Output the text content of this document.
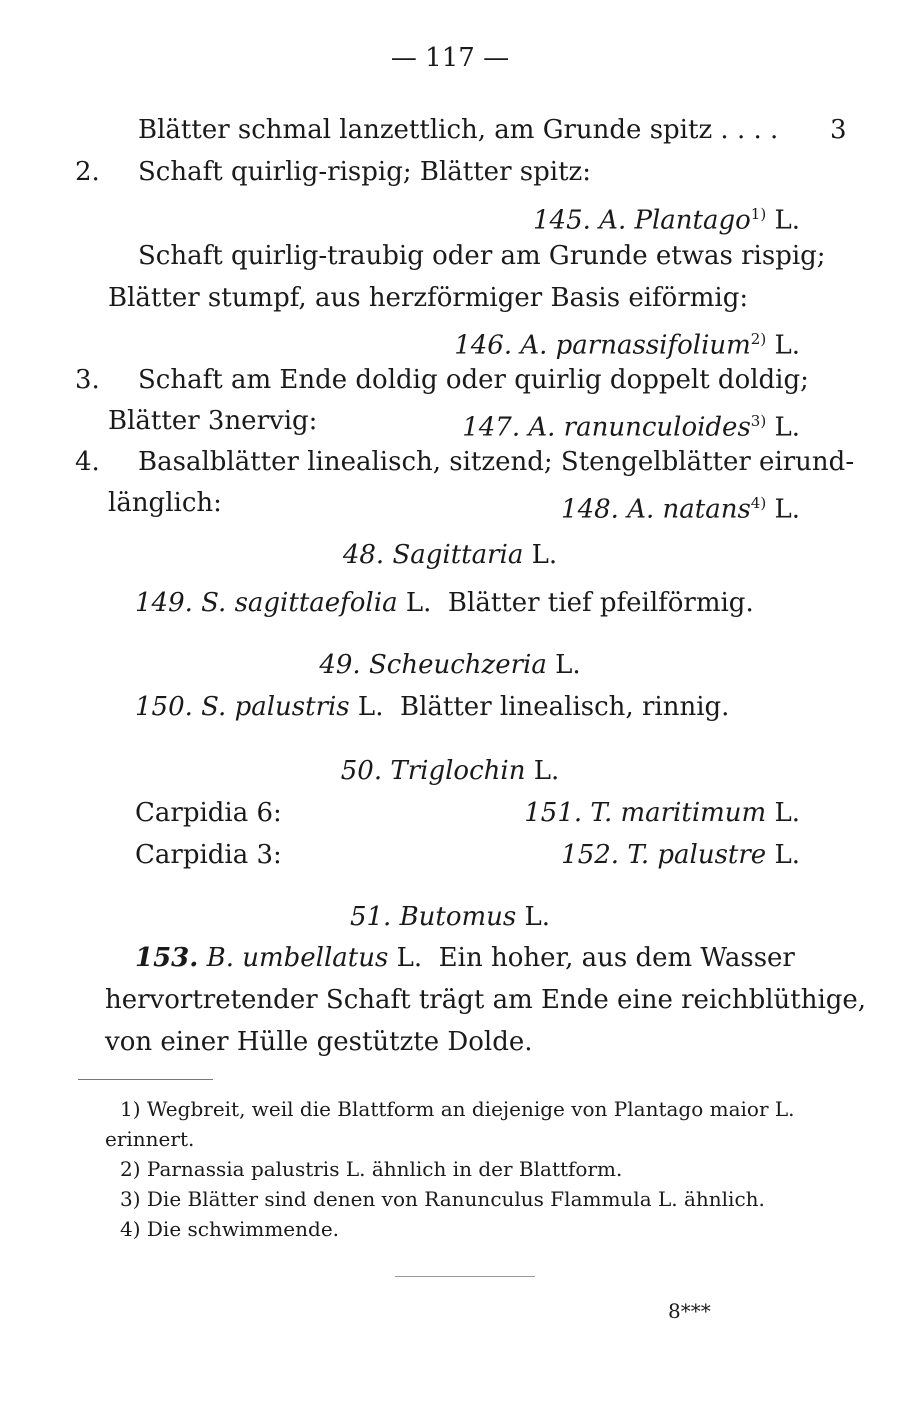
— 117 —
Blätter schmal lanzettlich, am Grunde spitz . . . . 3
2. Schaft quirlig-rispig; Blätter spitz:
145. A. Plantago$^{1)}$ L.
Schaft quirlig-traubig oder am Grunde etwas rispig;
Blätter stumpf, aus herzförmiger Basis eiförmig:
146. A. parnassifolium$^{2)}$ L.
3. Schaft am Ende doldig oder quirlig doppelt doldig;
Blätter 3nervig:	147. A. ranunculoides$^{3)}$ L.
4. Basalblätter linealisch, sitzend; Stengelblätter eirund-
länglich:	148. A. natans$^{4)}$ L.
48. Sagittaria L.
149. S. sagittaefolia L. Blätter tief pfeilförmig.
49. Scheuchzeria L.
150. S. palustris L. Blätter linealisch, rinnig.
50. Triglochin L.
Carpidia 6:	151. T. maritimum L.
Carpidia 3:	152. T. palustre L.
51. Butomus L.
153. B. umbellatus L. Ein hoher, aus dem Wasser
hervortretender Schaft trägt am Ende eine reichblüthige,
von einer Hülle gestützte Dolde.
1) Wegbreit, weil die Blattform an diejenige von Plantago maior L.
erinnert.
2) Parnassia palustris L. ähnlich in der Blattform.
3) Die Blätter sind denen von Ranunculus Flammula L. ähnlich.
4) Die schwimmende.
8***
